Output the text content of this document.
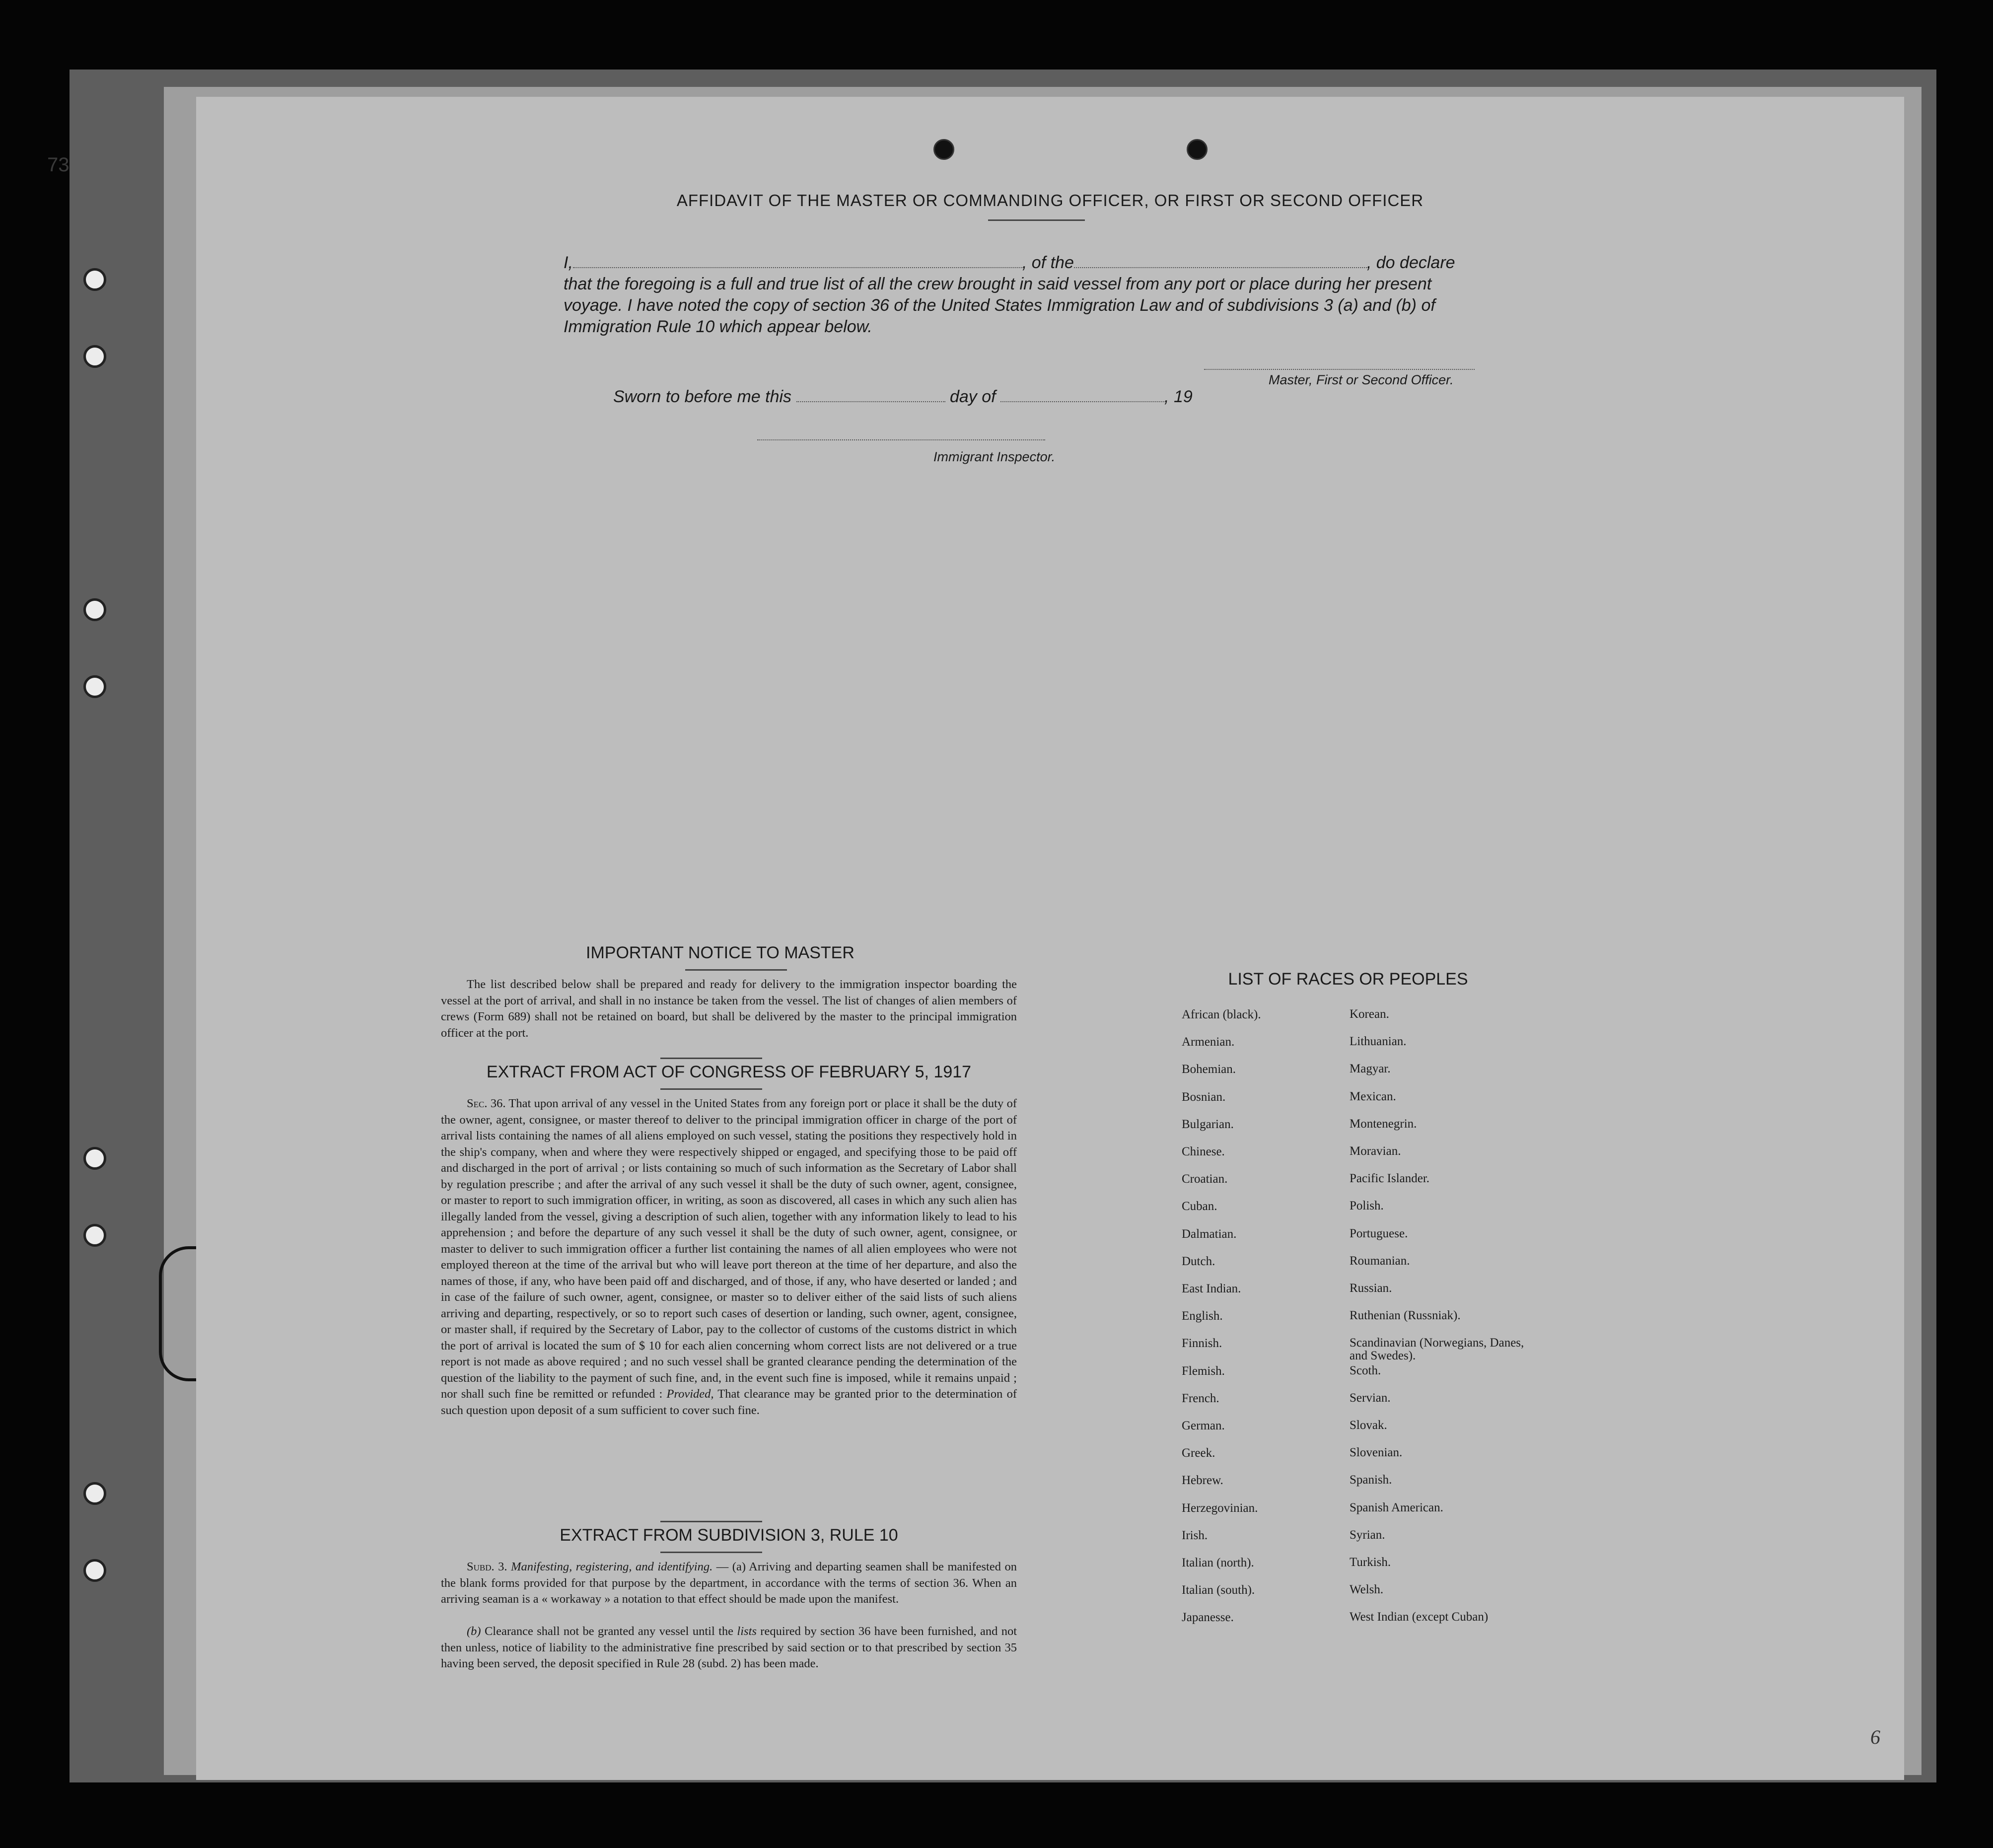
73
AFFIDAVIT OF THE MASTER OR COMMANDING OFFICER, OR FIRST OR SECOND OFFICER
I,	, of the	, do declare
that the foregoing is a full and true list of all the crew brought in said vessel from any port or place during her present
voyage. I have noted the copy of section 36 of the United States Immigration Law and of subdivisions 3 (a) and (b) of
Immigration Rule 10 which appear below.
Master, First or Second Officer.
Sworn to before me this	day of	, 19
Immigrant Inspector.
IMPORTANT NOTICE TO MASTER
The list described below shall be prepared and ready for delivery to the immigration inspector boarding the vessel at the port of arrival, and shall in no instance be taken from the vessel. The list of changes of alien members of crews (Form 689) shall not be retained on board, but shall be delivered by the master to the principal immigration officer at the port.
EXTRACT FROM ACT OF CONGRESS OF FEBRUARY 5, 1917
Sec. 36. That upon arrival of any vessel in the United States from any foreign port or place it shall be the duty of the owner, agent, consignee, or master thereof to deliver to the principal immigration officer in charge of the port of arrival lists containing the names of all aliens employed on such vessel, stating the positions they respectively hold in the ship's company, when and where they were respectively shipped or engaged, and specifying those to be paid off and discharged in the port of arrival ; or lists containing so much of such information as the Secretary of Labor shall by regulation prescribe ; and after the arrival of any such vessel it shall be the duty of such owner, agent, consignee, or master to report to such immigration officer, in writing, as soon as discovered, all cases in which any such alien has illegally landed from the vessel, giving a description of such alien, together with any information likely to lead to his apprehension ; and before the departure of any such vessel it shall be the duty of such owner, agent, consignee, or master to deliver to such immigration officer a further list containing the names of all alien employees who were not employed thereon at the time of the arrival but who will leave port thereon at the time of her departure, and also the names of those, if any, who have been paid off and discharged, and of those, if any, who have deserted or landed ; and in case of the failure of such owner, agent, consignee, or master so to deliver either of the said lists of such aliens arriving and departing, respectively, or so to report such cases of desertion or landing, such owner, agent, consignee, or master shall, if required by the Secretary of Labor, pay to the collector of customs of the customs district in which the port of arrival is located the sum of $ 10 for each alien concerning whom correct lists are not delivered or a true report is not made as above required ; and no such vessel shall be granted clearance pending the determination of the question of the liability to the payment of such fine, and, in the event such fine is imposed, while it remains unpaid ; nor shall such fine be remitted or refunded : Provided, That clearance may be granted prior to the determination of such question upon deposit of a sum sufficient to cover such fine.
EXTRACT FROM SUBDIVISION 3, RULE 10
Subd. 3. Manifesting, registering, and identifying. — (a) Arriving and departing seamen shall be manifested on the blank forms provided for that purpose by the department, in accordance with the terms of section 36. When an arriving seaman is a « workaway » a notation to that effect should be made upon the manifest.
(b) Clearance shall not be granted any vessel until the lists required by section 36 have been furnished, and not then unless, notice of liability to the administrative fine prescribed by said section or to that prescribed by section 35 having been served, the deposit specified in Rule 28 (subd. 2) has been made.
LIST OF RACES OR PEOPLES
African (black).	Korean.
Armenian.	Lithuanian.
Bohemian.	Magyar.
Bosnian.	Mexican.
Bulgarian.	Montenegrin.
Chinese.	Moravian.
Croatian.	Pacific Islander.
Cuban.	Polish.
Dalmatian.	Portuguese.
Dutch.	Roumanian.
East Indian.	Russian.
English.	Ruthenian (Russniak).
Finnish.	Scandinavian (Norwegians, Danes, and Swedes).
Flemish.	Scoth.
French.	Servian.
German.	Slovak.
Greek.	Slovenian.
Hebrew.	Spanish.
Herzegovinian.	Spanish American.
Irish.	Syrian.
Italian (north).	Turkish.
Italian (south).	Welsh.
Japanesse.	West Indian (except Cuban)
6
